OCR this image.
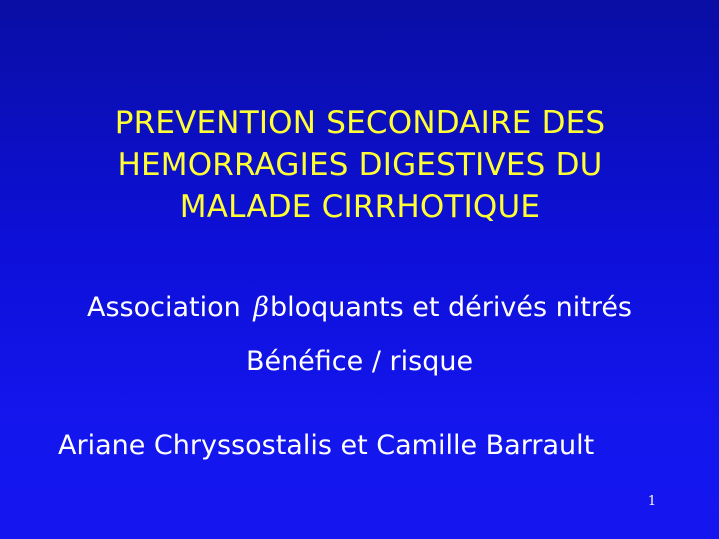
PREVENTION SECONDAIRE DES
HEMORRAGIES DIGESTIVES DU
MALADE CIRRHOTIQUE
Association βbloquants et dérivés nitrés
Bénéfice / risque
Ariane Chryssostalis et Camille Barrault
1
